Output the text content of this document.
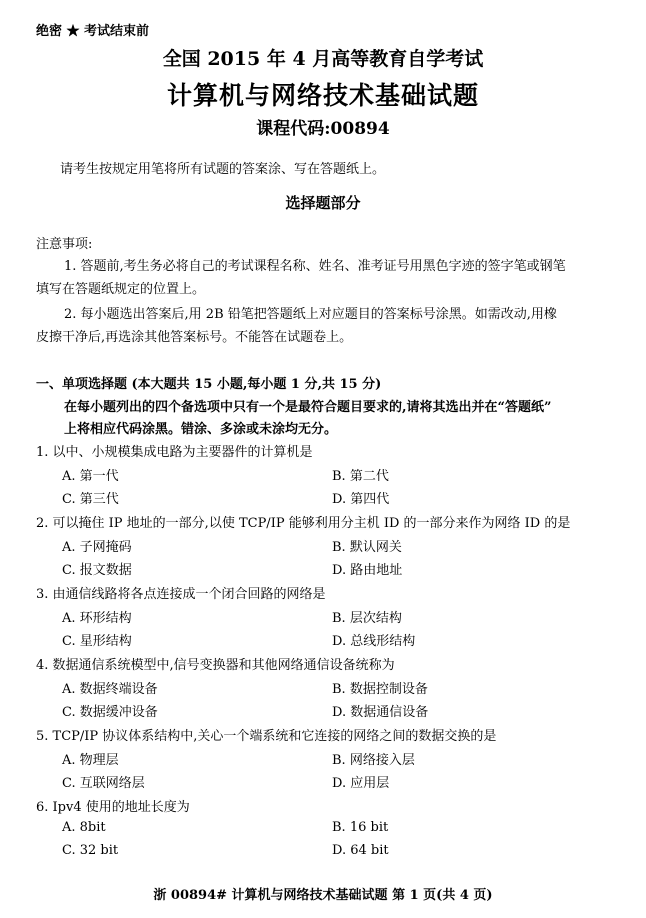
绝密 ★ 考试结束前
全国 2015 年 4 月高等教育自学考试
计算机与网络技术基础试题
课程代码:00894
请考生按规定用笔将所有试题的答案涂、写在答题纸上。
选择题部分
注意事项:
1. 答题前,考生务必将自己的考试课程名称、姓名、准考证号用黑色字迹的签字笔或钢笔
填写在答题纸规定的位置上。
2. 每小题选出答案后,用 2B 铅笔把答题纸上对应题目的答案标号涂黑。如需改动,用橡
皮擦干净后,再选涂其他答案标号。不能答在试题卷上。
一、单项选择题 (本大题共 15 小题,每小题 1 分,共 15 分)
在每小题列出的四个备选项中只有一个是最符合题目要求的,请将其选出并在“答题纸”
上将相应代码涂黑。错涂、多涂或未涂均无分。
1. 以中、小规模集成电路为主要器件的计算机是
A. 第一代	B. 第二代
C. 第三代	D. 第四代
2. 可以掩住 IP 地址的一部分,以使 TCP/IP 能够利用分主机 ID 的一部分来作为网络 ID 的是
A. 子网掩码	B. 默认网关
C. 报文数据	D. 路由地址
3. 由通信线路将各点连接成一个闭合回路的网络是
A. 环形结构	B. 层次结构
C. 星形结构	D. 总线形结构
4. 数据通信系统模型中,信号变换器和其他网络通信设备统称为
A. 数据终端设备	B. 数据控制设备
C. 数据缓冲设备	D. 数据通信设备
5. TCP/IP 协议体系结构中,关心一个端系统和它连接的网络之间的数据交换的是
A. 物理层	B. 网络接入层
C. 互联网络层	D. 应用层
6. Ipv4 使用的地址长度为
A. 8bit	B. 16 bit
C. 32 bit	D. 64 bit
浙 00894# 计算机与网络技术基础试题 第 1 页(共 4 页)
